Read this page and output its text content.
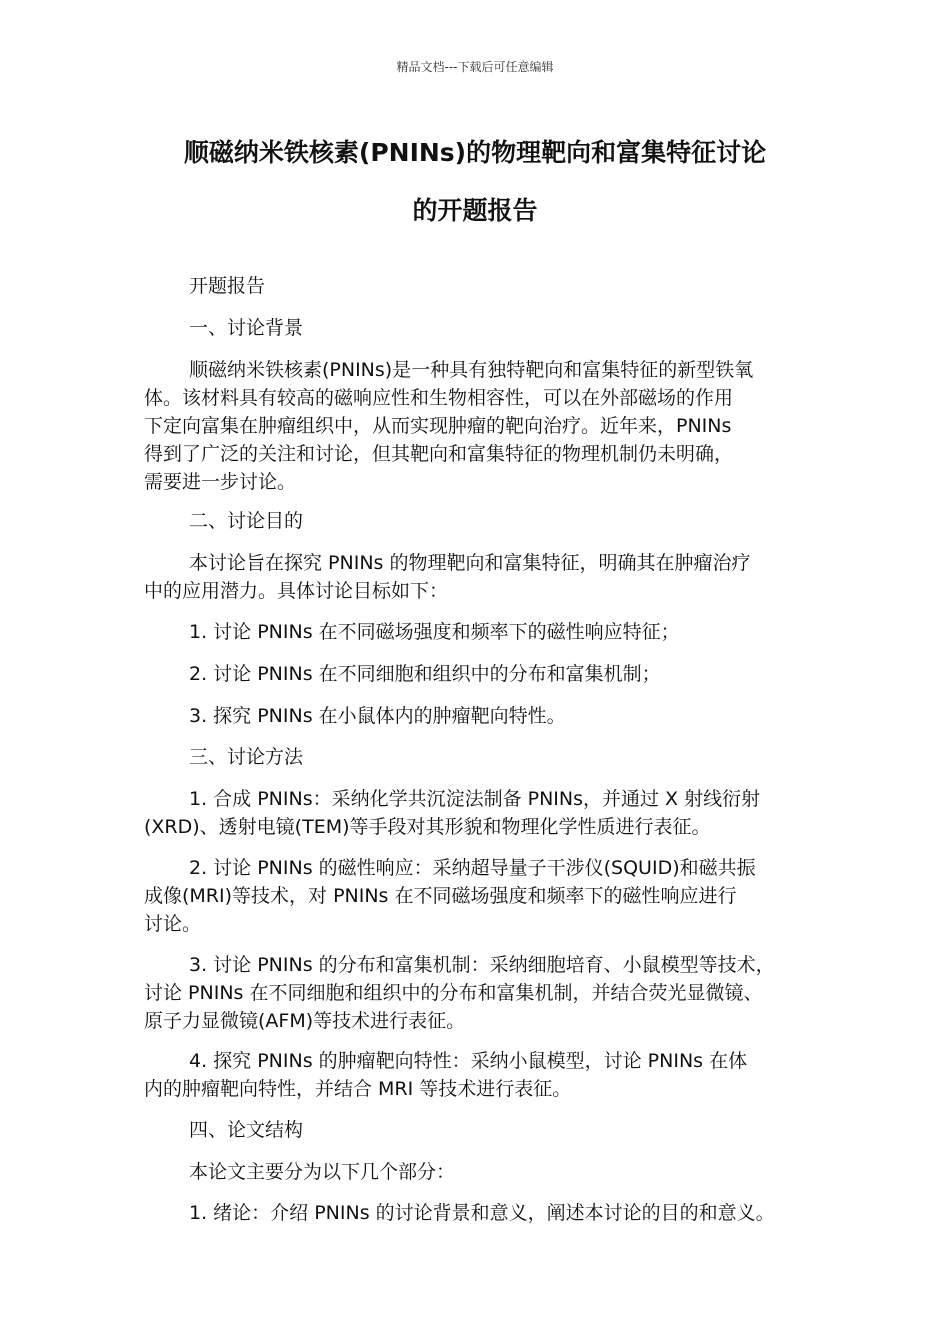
精品文档---下载后可任意编辑
顺磁纳米铁核素(PNINs)的物理靶向和富集特征讨论
的开题报告
开题报告
一、讨论背景
顺磁纳米铁核素(PNINs)是一种具有独特靶向和富集特征的新型铁氧
体。该材料具有较高的磁响应性和生物相容性，可以在外部磁场的作用
下定向富集在肿瘤组织中，从而实现肿瘤的靶向治疗。近年来，PNINs
得到了广泛的关注和讨论，但其靶向和富集特征的物理机制仍未明确，
需要进一步讨论。
二、讨论目的
本讨论旨在探究 PNINs 的物理靶向和富集特征，明确其在肿瘤治疗
中的应用潜力。具体讨论目标如下：
1. 讨论 PNINs 在不同磁场强度和频率下的磁性响应特征；
2. 讨论 PNINs 在不同细胞和组织中的分布和富集机制；
3. 探究 PNINs 在小鼠体内的肿瘤靶向特性。
三、讨论方法
1. 合成 PNINs：采纳化学共沉淀法制备 PNINs，并通过 X 射线衍射
(XRD)、透射电镜(TEM)等手段对其形貌和物理化学性质进行表征。
2. 讨论 PNINs 的磁性响应：采纳超导量子干涉仪(SQUID)和磁共振
成像(MRI)等技术，对 PNINs 在不同磁场强度和频率下的磁性响应进行
讨论。
3. 讨论 PNINs 的分布和富集机制：采纳细胞培育、小鼠模型等技术，
讨论 PNINs 在不同细胞和组织中的分布和富集机制，并结合荧光显微镜、
原子力显微镜(AFM)等技术进行表征。
4. 探究 PNINs 的肿瘤靶向特性：采纳小鼠模型，讨论 PNINs 在体
内的肿瘤靶向特性，并结合 MRI 等技术进行表征。
四、论文结构
本论文主要分为以下几个部分：
1. 绪论：介绍 PNINs 的讨论背景和意义，阐述本讨论的目的和意义。
